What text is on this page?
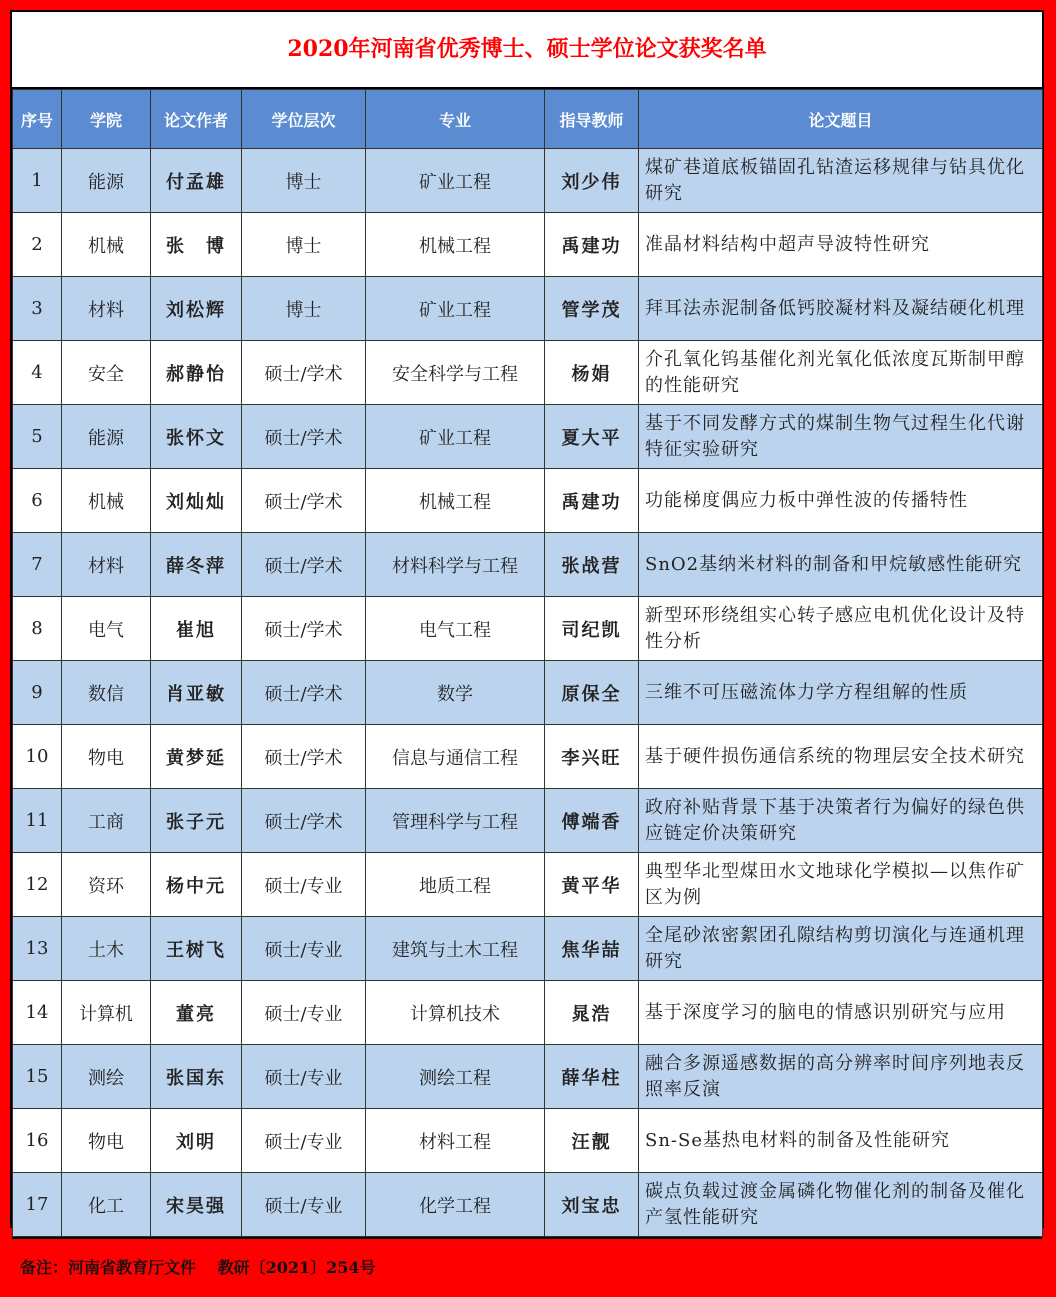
2020年河南省优秀博士、硕士学位论文获奖名单
序号	学院	论文作者	学位层次	专业	指导教师	论文题目
1	能源	付孟雄	博士	矿业工程	刘少伟	煤矿巷道底板锚固孔钻渣运移规律与钻具优化研究
2	机械	张　博	博士	机械工程	禹建功	准晶材料结构中超声导波特性研究
3	材料	刘松辉	博士	矿业工程	管学茂	拜耳法赤泥制备低钙胶凝材料及凝结硬化机理
4	安全	郝静怡	硕士/学术	安全科学与工程	杨娟	介孔氧化钨基催化剂光氧化低浓度瓦斯制甲醇的性能研究
5	能源	张怀文	硕士/学术	矿业工程	夏大平	基于不同发酵方式的煤制生物气过程生化代谢特征实验研究
6	机械	刘灿灿	硕士/学术	机械工程	禹建功	功能梯度偶应力板中弹性波的传播特性
7	材料	薛冬萍	硕士/学术	材料科学与工程	张战营	SnO2基纳米材料的制备和甲烷敏感性能研究
8	电气	崔旭	硕士/学术	电气工程	司纪凯	新型环形绕组实心转子感应电机优化设计及特性分析
9	数信	肖亚敏	硕士/学术	数学	原保全	三维不可压磁流体力学方程组解的性质
10	物电	黄梦延	硕士/学术	信息与通信工程	李兴旺	基于硬件损伤通信系统的物理层安全技术研究
11	工商	张子元	硕士/学术	管理科学与工程	傅端香	政府补贴背景下基于决策者行为偏好的绿色供应链定价决策研究
12	资环	杨中元	硕士/专业	地质工程	黄平华	典型华北型煤田水文地球化学模拟—以焦作矿区为例
13	土木	王树飞	硕士/专业	建筑与土木工程	焦华喆	全尾砂浓密絮团孔隙结构剪切演化与连通机理研究
14	计算机	董亮	硕士/专业	计算机技术	晁浩	基于深度学习的脑电的情感识别研究与应用
15	测绘	张国东	硕士/专业	测绘工程	薛华柱	融合多源遥感数据的高分辨率时间序列地表反照率反演
16	物电	刘明	硕士/专业	材料工程	汪靓	Sn-Se基热电材料的制备及性能研究
17	化工	宋昊强	硕士/专业	化学工程	刘宝忠	碳点负载过渡金属磷化物催化剂的制备及催化产氢性能研究
备注：河南省教育厅文件　 教研〔2021〕254号
